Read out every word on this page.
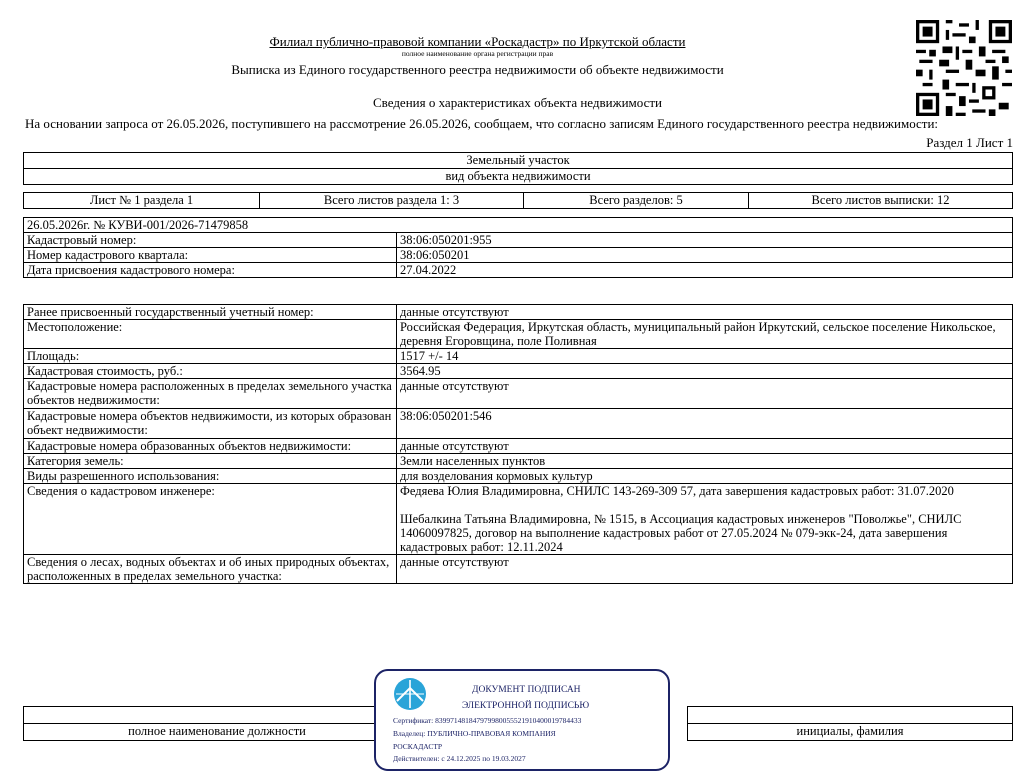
Филиал публично-правовой компании «Роскадастр» по Иркутской области
полное наименование органа регистрации прав
Выписка из Единого государственного реестра недвижимости об объекте недвижимости
Сведения о характеристиках объекта недвижимости
На основании запроса от 26.05.2026, поступившего на рассмотрение 26.05.2026, сообщаем, что согласно записям Единого государственного реестра недвижимости:
Раздел 1 Лист 1
Земельный участок
вид объекта недвижимости
Лист № 1 раздела 1	Всего листов раздела 1: 3	Всего разделов: 5	Всего листов выписки: 12
26.05.2026г. № КУВИ-001/2026-71479858	
Кадастровый номер:	38:06:050201:955
Номер кадастрового квартала:	38:06:050201
Дата присвоения кадастрового номера:	27.04.2022
Ранее присвоенный государственный учетный номер:	данные отсутствуют
Местоположение:	Российская Федерация, Иркутская область, муниципальный район Иркутский, сельское поселение Никольское, деревня Егоровщина, поле Поливная
Площадь:	1517 +/- 14
Кадастровая стоимость, руб.:	3564.95
Кадастровые номера расположенных в пределах земельного участка объектов недвижимости:	данные отсутствуют
Кадастровые номера объектов недвижимости, из которых образован объект недвижимости:	38:06:050201:546
Кадастровые номера образованных объектов недвижимости:	данные отсутствуют
Категория земель:	Земли населенных пунктов
Виды разрешенного использования:	для возделования кормовых культур
Сведения о кадастровом инженере:	Федяева Юлия Владимировна, СНИЛС 143-269-309 57, дата завершения кадастровых работ: 31.07.2020
Шебалкина Татьяна Владимировна, № 1515, в Ассоциация кадастровых инженеров "Поволжье", СНИЛС 14060097825, договор на выполнение кадастровых работ от 27.05.2024 № 079-экк-24, дата завершения кадастровых работ: 12.11.2024

Сведения о лесах, водных объектах и об иных природных объектах, расположенных в пределах земельного участка:	данные отсутствуют

полное наименование должности		инициалы, фамилия
ДОКУМЕНТ ПОДПИСАН
ЭЛЕКТРОННОЙ ПОДПИСЬЮ
Сертификат: 839971481847979980055521910400019784433
Владелец: ПУБЛИЧНО-ПРАВОВАЯ КОМПАНИЯ
РОСКАДАСТР
Действителен: с 24.12.2025 по 19.03.2027
